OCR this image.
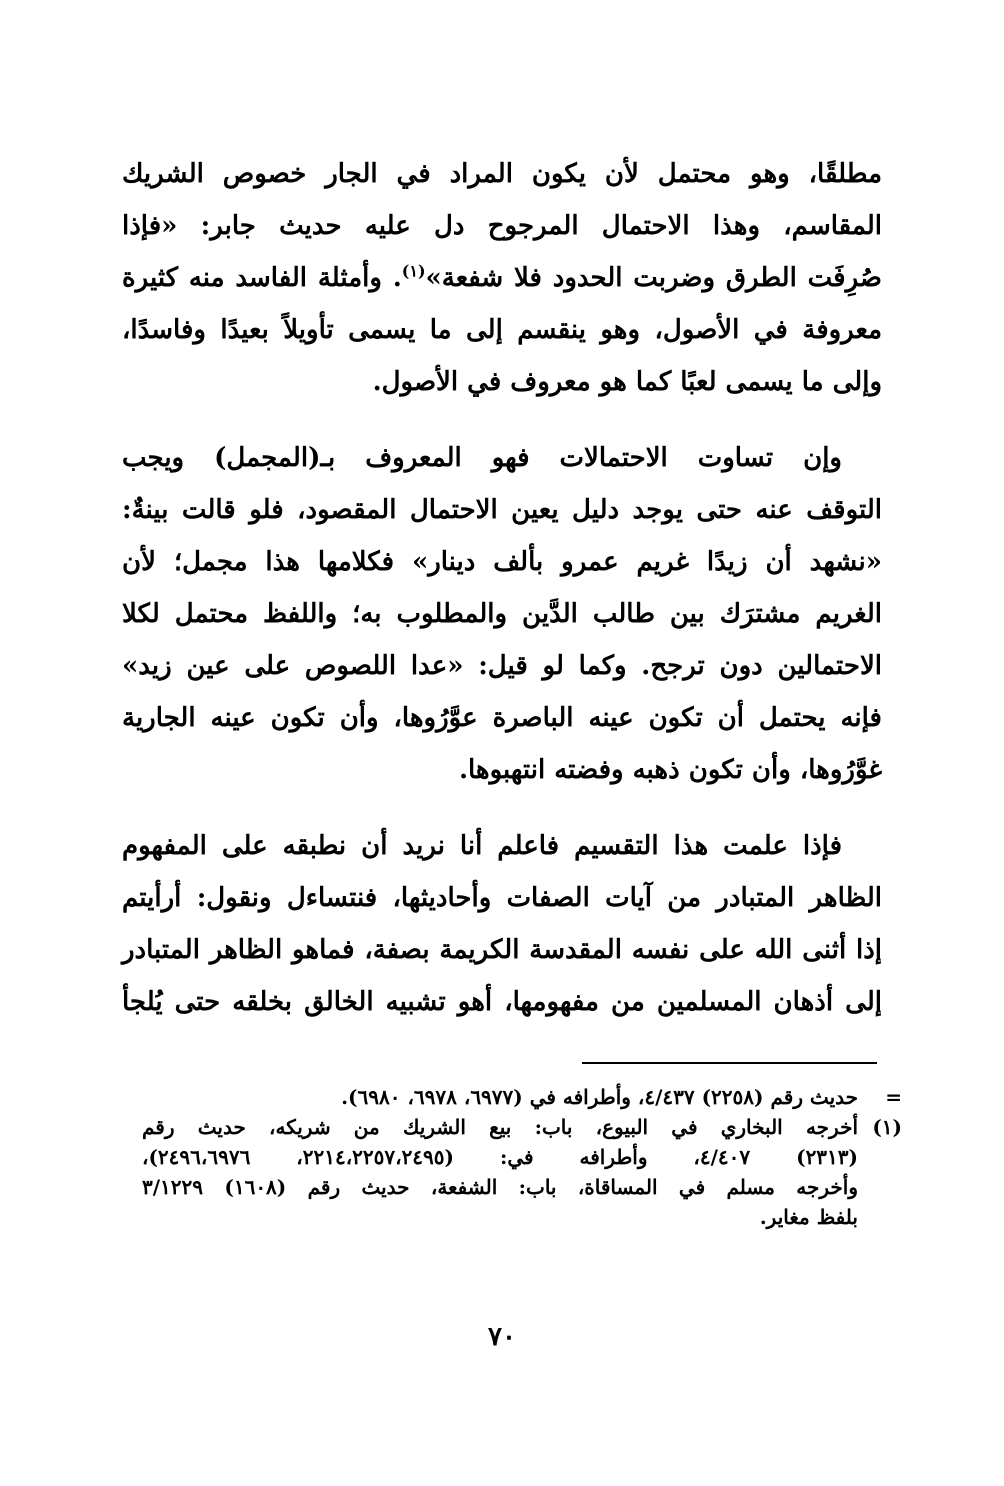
مطلقًا، وهو محتمل لأن يكون المراد في الجار خصوص الشريك
المقاسم، وهذا الاحتمال المرجوح دل عليه حديث جابر: «فإذا
صُرِفَت الطرق وضربت الحدود فلا شفعة»$^{(١)}$. وأمثلة الفاسد منه كثيرة
معروفة في الأصول، وهو ينقسم إلى ما يسمى تأويلاً بعيدًا وفاسدًا،
وإلى ما يسمى لعبًا كما هو معروف في الأصول.

وإن تساوت الاحتمالات فهو المعروف بـ(المجمل) ويجب
التوقف عنه حتى يوجد دليل يعين الاحتمال المقصود، فلو قالت بينةٌ:
«نشهد أن زيدًا غريم عمرو بألف دينار» فكلامها هذا مجمل؛ لأن
الغريم مشترَك بين طالب الدَّين والمطلوب به؛ واللفظ محتمل لكلا
الاحتمالين دون ترجح. وكما لو قيل: «عدا اللصوص على عين زيد»
فإنه يحتمل أن تكون عينه الباصرة عوَّرُوها، وأن تكون عينه الجارية
غوَّرُوها، وأن تكون ذهبه وفضته انتهبوها.

فإذا علمت هذا التقسيم فاعلم أنا نريد أن نطبقه على المفهوم
الظاهر المتبادر من آيات الصفات وأحاديثها، فنتساءل ونقول: أرأيتم
إذا أثنى الله على نفسه المقدسة الكريمة بصفة، فماهو الظاهر المتبادر
إلى أذهان المسلمين من مفهومها، أهو تشبيه الخالق بخلقه حتى يُلجأ

=
حديث رقم (٢٢٥٨) ٤/٤٣٧، وأطرافه في (٦٩٧٧، ٦٩٧٨، ٦٩٨٠).
(١)
أخرجه البخاري في البيوع، باب: بيع الشريك من شريكه، حديث رقم
(٢٣١٣) ٤/٤٠٧، وأطرافه في: (٢٢١٤،٢٢٥٧،٢٤٩٥، ٢٤٩٦،٦٩٧٦)،
وأخرجه مسلم في المساقاة، باب: الشفعة، حديث رقم (١٦٠٨) ٣/١٢٢٩
بلفظ مغاير.
٧٠
